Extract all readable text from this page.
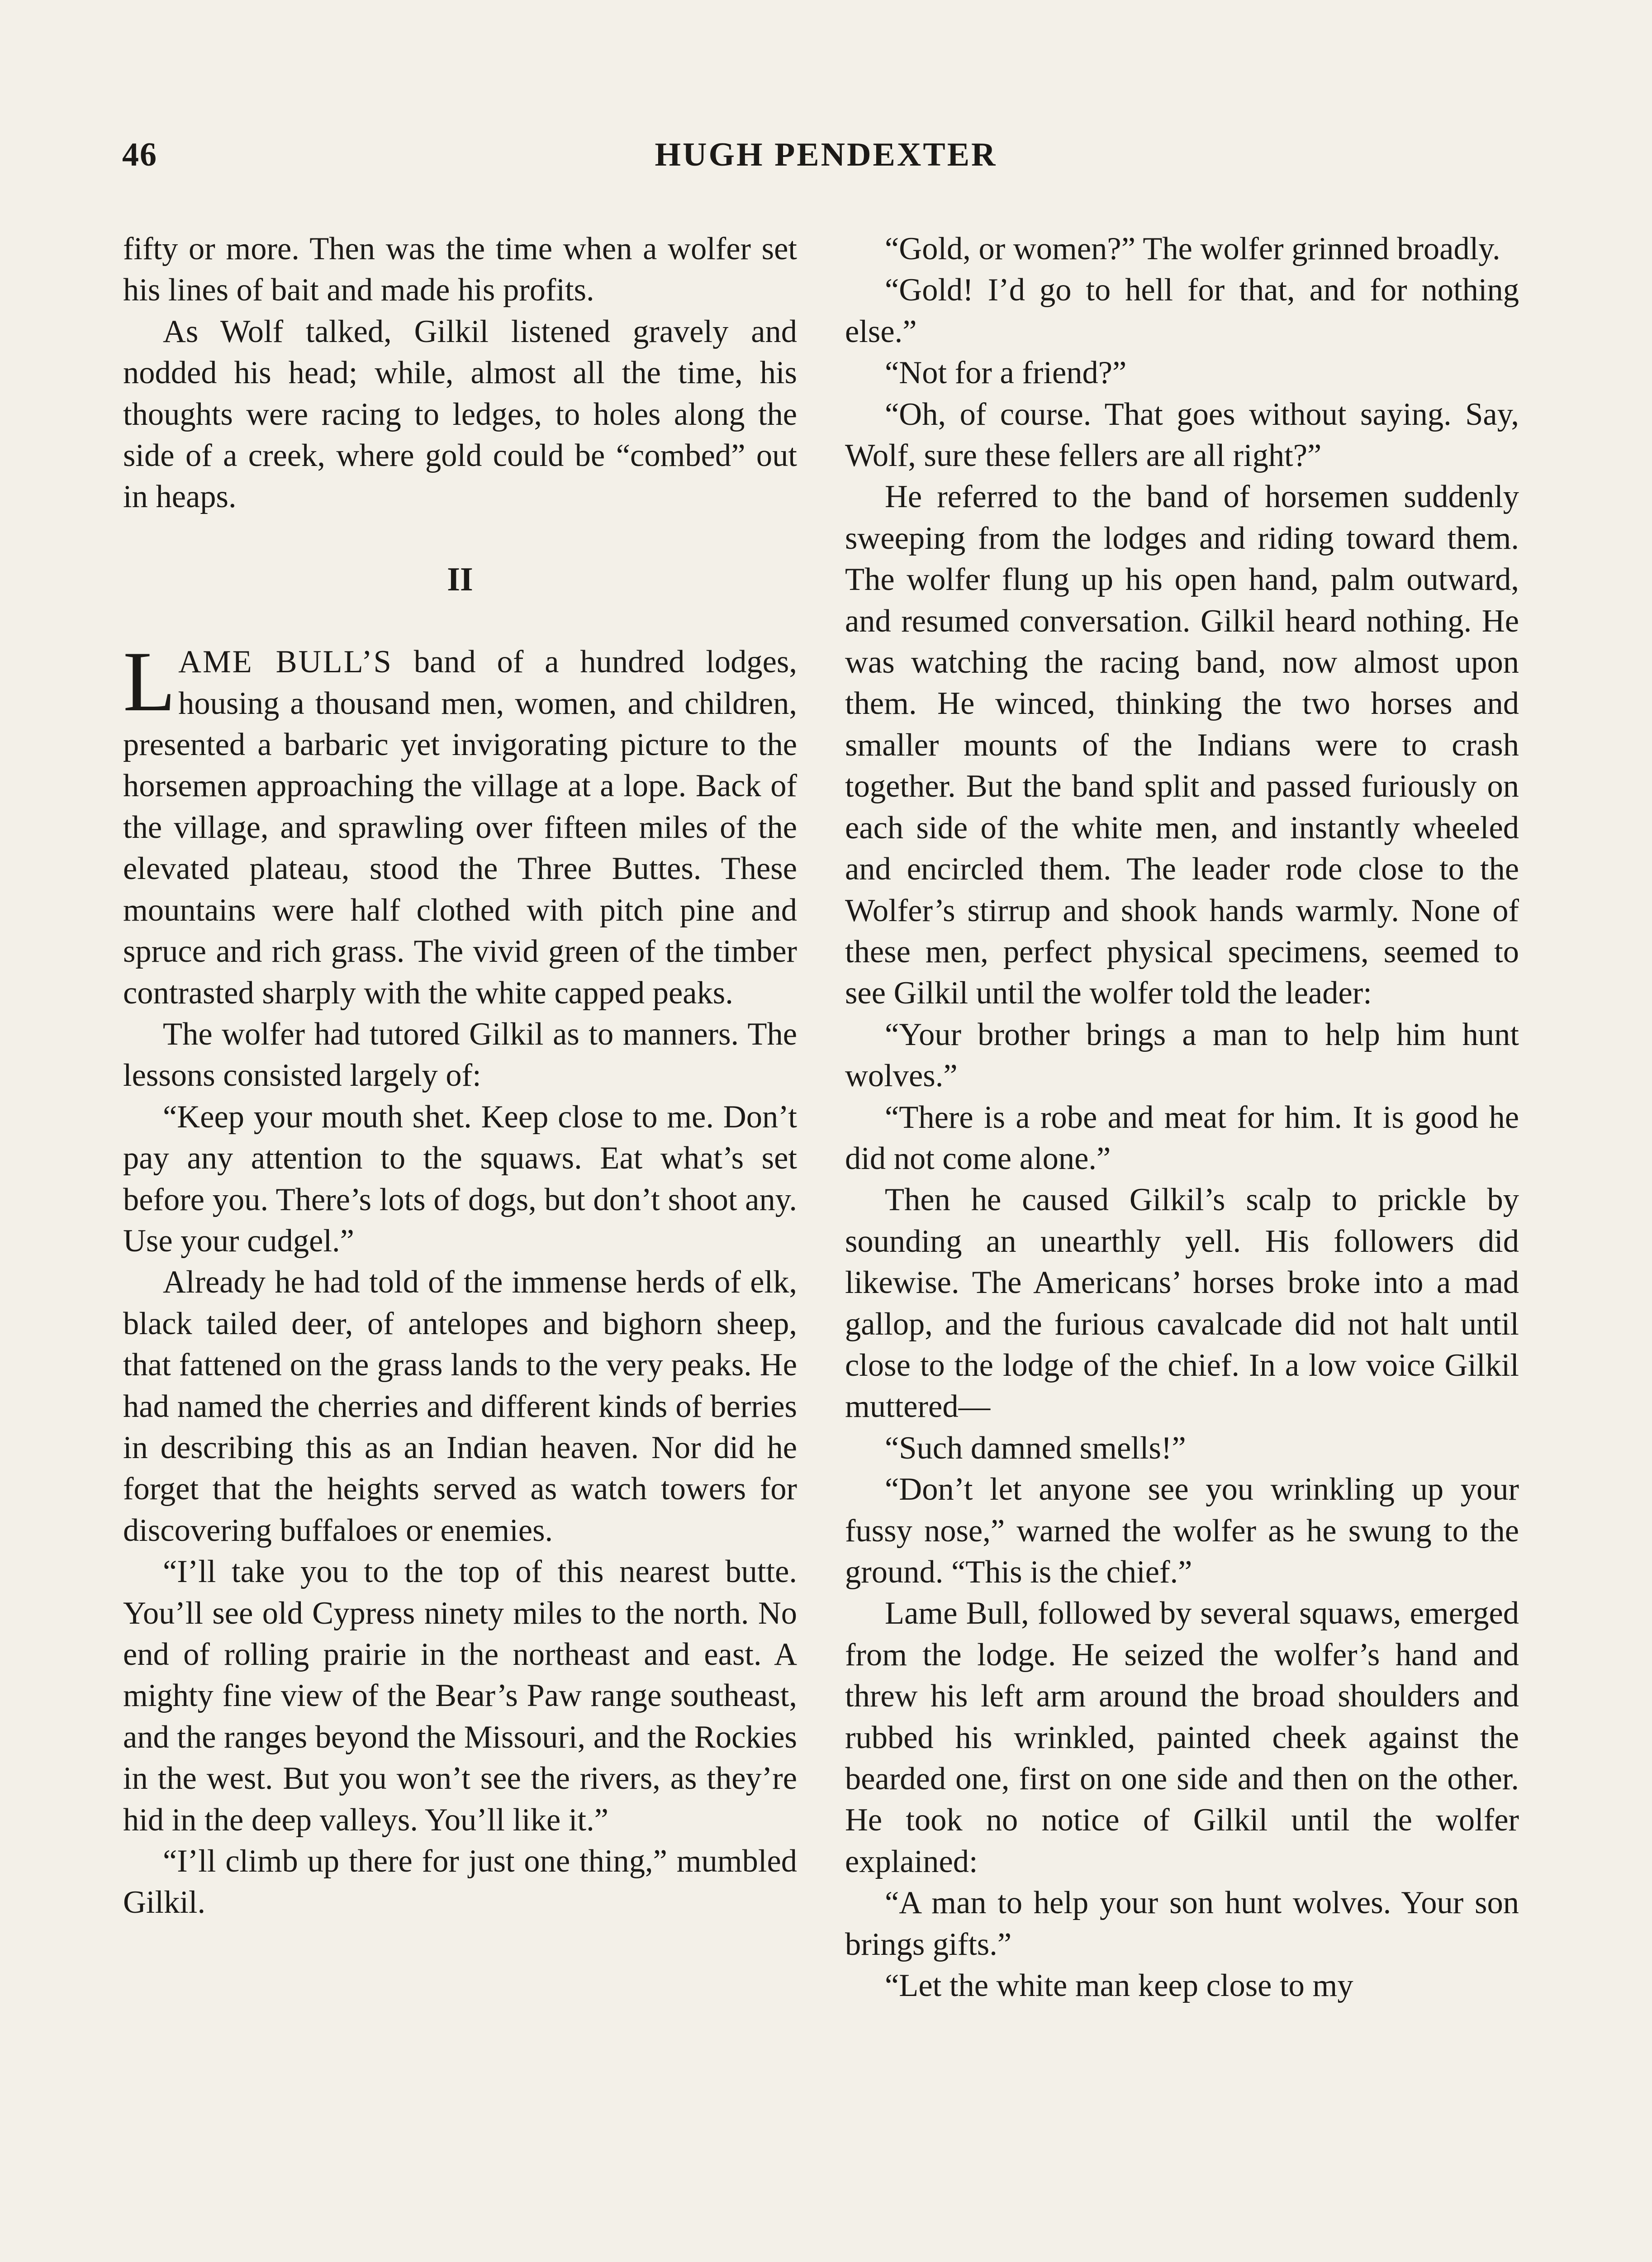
46	HUGH PENDEXTER

fifty or more. Then was the time when a wolfer set his lines of bait and made his profits.

As Wolf talked, Gilkil listened gravely and nodded his head; while, almost all the time, his thoughts were racing to ledges, to holes along the side of a creek, where gold could be “combed” out in heaps.

II

LAME BULL’S band of a hundred lodges, housing a thousand men, women, and children, presented a barbaric yet invigorating picture to the horsemen approaching the village at a lope. Back of the village, and sprawling over fifteen miles of the elevated plateau, stood the Three Buttes. These mountains were half clothed with pitch pine and spruce and rich grass. The vivid green of the timber contrasted sharply with the white capped peaks.

The wolfer had tutored Gilkil as to manners. The lessons consisted largely of:

“Keep your mouth shet. Keep close to me. Don’t pay any attention to the squaws. Eat what’s set before you. There’s lots of dogs, but don’t shoot any. Use your cudgel.”

Already he had told of the immense herds of elk, black tailed deer, of antelopes and bighorn sheep, that fattened on the grass lands to the very peaks. He had named the cherries and different kinds of berries in describing this as an Indian heaven. Nor did he forget that the heights served as watch towers for discovering buffaloes or enemies.

“I’ll take you to the top of this nearest butte. You’ll see old Cypress ninety miles to the north. No end of rolling prairie in the northeast and east. A mighty fine view of the Bear’s Paw range southeast, and the ranges beyond the Missouri, and the Rockies in the west. But you won’t see the rivers, as they’re hid in the deep valleys. You’ll like it.”

“I’ll climb up there for just one thing,” mumbled Gilkil.

“Gold, or women?” The wolfer grinned broadly.

“Gold! I’d go to hell for that, and for nothing else.”

“Not for a friend?”

“Oh, of course. That goes without saying. Say, Wolf, sure these fellers are all right?”

He referred to the band of horsemen suddenly sweeping from the lodges and riding toward them. The wolfer flung up his open hand, palm outward, and resumed conversation. Gilkil heard nothing. He was watching the racing band, now almost upon them. He winced, thinking the two horses and smaller mounts of the Indians were to crash together. But the band split and passed furiously on each side of the white men, and instantly wheeled and encircled them. The leader rode close to the Wolfer’s stirrup and shook hands warmly. None of these men, perfect physical specimens, seemed to see Gilkil until the wolfer told the leader:

“Your brother brings a man to help him hunt wolves.”

“There is a robe and meat for him. It is good he did not come alone.”

Then he caused Gilkil’s scalp to prickle by sounding an unearthly yell. His followers did likewise. The Americans’ horses broke into a mad gallop, and the furious cavalcade did not halt until close to the lodge of the chief. In a low voice Gilkil muttered—

“Such damned smells!”

“Don’t let anyone see you wrinkling up your fussy nose,” warned the wolfer as he swung to the ground. “This is the chief.”

Lame Bull, followed by several squaws, emerged from the lodge. He seized the wolfer’s hand and threw his left arm around the broad shoulders and rubbed his wrinkled, painted cheek against the bearded one, first on one side and then on the other. He took no notice of Gilkil until the wolfer explained:

“A man to help your son hunt wolves. Your son brings gifts.”

“Let the white man keep close to my
